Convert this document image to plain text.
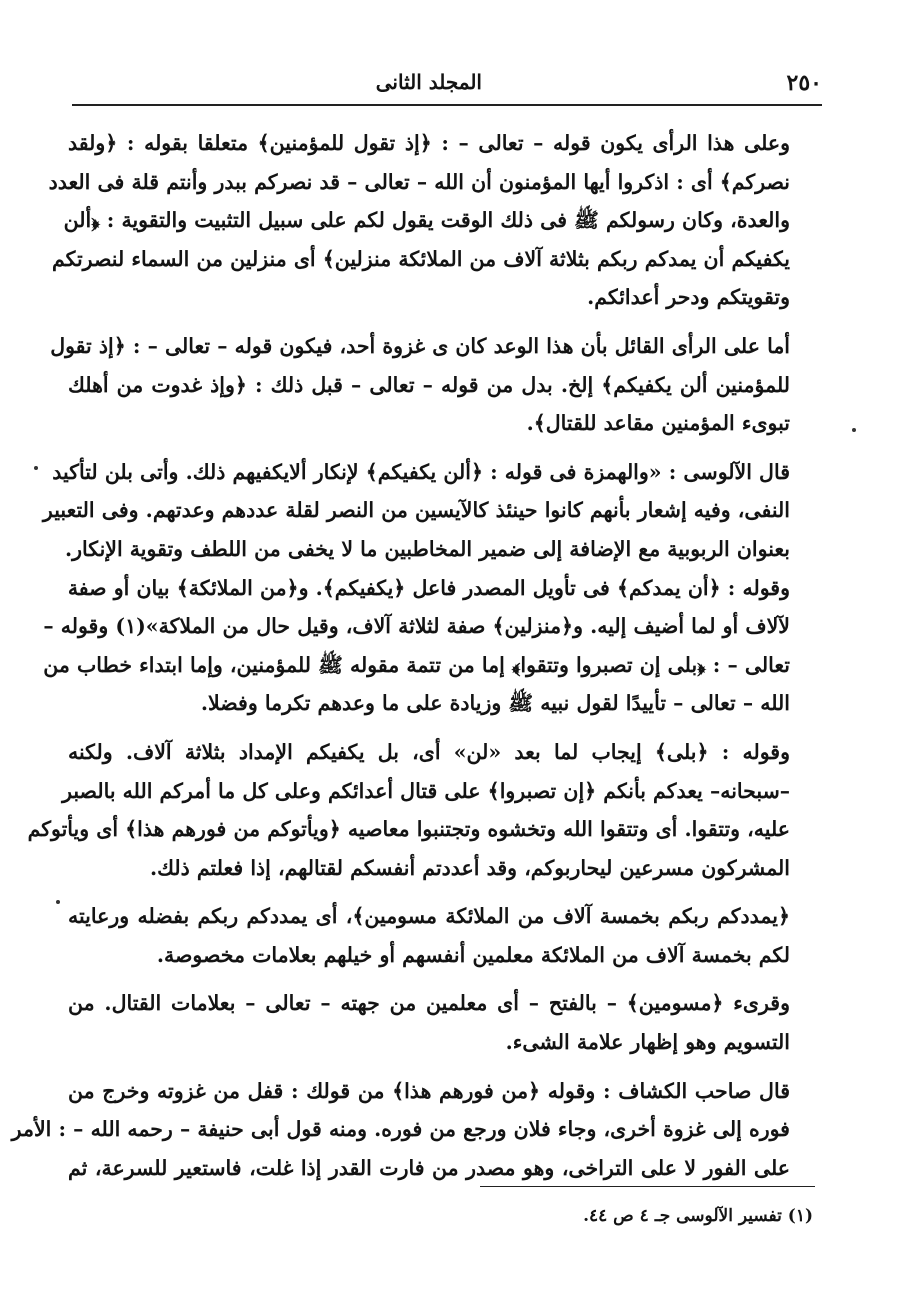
٢٥٠
المجلد الثانى
وعلى هذا الرأى يكون قوله – تعالى – : ﴿إذ تقول للمؤمنين﴾ متعلقا بقوله : ﴿ولقد
نصركم﴾ أى : اذكروا أيها المؤمنون أن الله – تعالى – قد نصركم ببدر وأنتم قلة فى العدد
والعدة، وكان رسولكم ﷺ فى ذلك الوقت يقول لكم على سبيل التثبيت والتقوية : ﴿ألن
يكفيكم أن يمدكم ربكم بثلاثة آلاف من الملائكة منزلين﴾ أى منزلين من السماء لنصرتكم
وتقويتكم ودحر أعدائكم.
أما على الرأى القائل بأن هذا الوعد كان ى غزوة أحد، فيكون قوله – تعالى – : ﴿إذ تقول
للمؤمنين ألن يكفيكم﴾ إلخ. بدل من قوله – تعالى – قبل ذلك : ﴿وإذ غدوت من أهلك
تبوىء المؤمنين مقاعد للقتال﴾.
قال الآلوسى : «والهمزة فى قوله : ﴿ألن يكفيكم﴾ لإنكار ألايكفيهم ذلك. وأتى بلن لتأكيد
النفى، وفيه إشعار بأنهم كانوا حينئذ كالآيسين من النصر لقلة عددهم وعدتهم. وفى التعبير
بعنوان الربوبية مع الإضافة إلى ضمير المخاطبين ما لا يخفى من اللطف وتقوية الإنكار.
وقوله : ﴿أن يمدكم﴾ فى تأويل المصدر فاعل ﴿يكفيكم﴾. و﴿من الملائكة﴾ بيان أو صفة
لآلاف أو لما أضيف إليه. و﴿منزلين﴾ صفة لثلاثة آلاف، وقيل حال من الملاكة»(١) وقوله –
تعالى – : ﴿بلى إن تصبروا وتتقوا﴾ إما من تتمة مقوله ﷺ للمؤمنين، وإما ابتداء خطاب من
الله – تعالى – تأييدًا لقول نبيه ﷺ وزيادة على ما وعدهم تكرما وفضلا.
وقوله : ﴿بلى﴾ إيجاب لما بعد «لن» أى، بل يكفيكم الإمداد بثلاثة آلاف. ولكنه
–سبحانه– يعدكم بأنكم ﴿إن تصبروا﴾ على قتال أعدائكم وعلى كل ما أمركم الله بالصبر
عليه، وتتقوا. أى وتتقوا الله وتخشوه وتجتنبوا معاصيه ﴿ويأتوكم من فورهم هذا﴾ أى ويأتوكم
المشركون مسرعين ليحاربوكم، وقد أعددتم أنفسكم لقتالهم، إذا فعلتم ذلك.
﴿يمددكم ربكم بخمسة آلاف من الملائكة مسومين﴾، أى يمددكم ربكم بفضله ورعايته
لكم بخمسة آلاف من الملائكة معلمين أنفسهم أو خيلهم بعلامات مخصوصة.
وقرىء ﴿مسومين﴾ – بالفتح – أى معلمين من جهته – تعالى – بعلامات القتال. من
التسويم وهو إظهار علامة الشىء.
قال صاحب الكشاف : وقوله ﴿من فورهم هذا﴾ من قولك : قفل من غزوته وخرج من
فوره إلى غزوة أخرى، وجاء فلان ورجع من فوره. ومنه قول أبى حنيفة – رحمه الله – : الأمر
على الفور لا على التراخى، وهو مصدر من فارت القدر إذا غلت، فاستعير للسرعة، ثم
(١) تفسير الآلوسى جـ ٤ ص ٤٤.
